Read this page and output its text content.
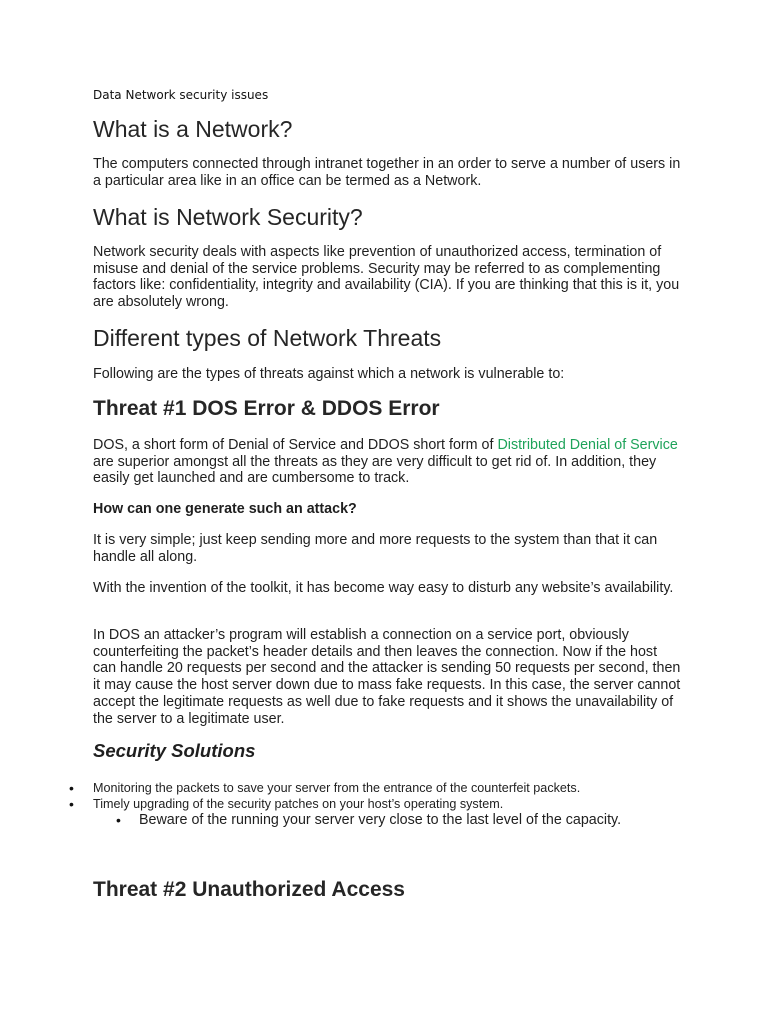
Data Network security issues
What is a Network?

The computers connected through intranet together in an order to serve a number of users in a particular area like in an office can be termed as a Network.

What is Network Security?

Network security deals with aspects like prevention of unauthorized access, termination of misuse and denial of the service problems. Security may be referred to as complementing factors like: confidentiality, integrity and availability (CIA). If you are thinking that this is it, you are absolutely wrong.

Different types of Network Threats

Following are the types of threats against which a network is vulnerable to:

Threat #1 DOS Error & DDOS Error

DOS, a short form of Denial of Service and DDOS short form of Distributed Denial of Service are superior amongst all the threats as they are very difficult to get rid of. In addition, they easily get launched and are cumbersome to track.

How can one generate such an attack?

It is very simple; just keep sending more and more requests to the system than that it can handle all along.

With the invention of the toolkit, it has become way easy to disturb any website’s availability.

In DOS an attacker’s program will establish a connection on a service port, obviously counterfeiting the packet’s header details and then leaves the connection. Now if the host can handle 20 requests per second and the attacker is sending 50 requests per second, then it may cause the host server down due to mass fake requests. In this case, the server cannot accept the legitimate requests as well due to fake requests and it shows the unavailability of the server to a legitimate user.

Security Solutions
Threat #2 Unauthorized Access
• Monitoring the packets to save your server from the entrance of the counterfeit packets.
• Timely upgrading of the security patches on your host’s operating system.
• Beware of the running your server very close to the last level of the capacity.
